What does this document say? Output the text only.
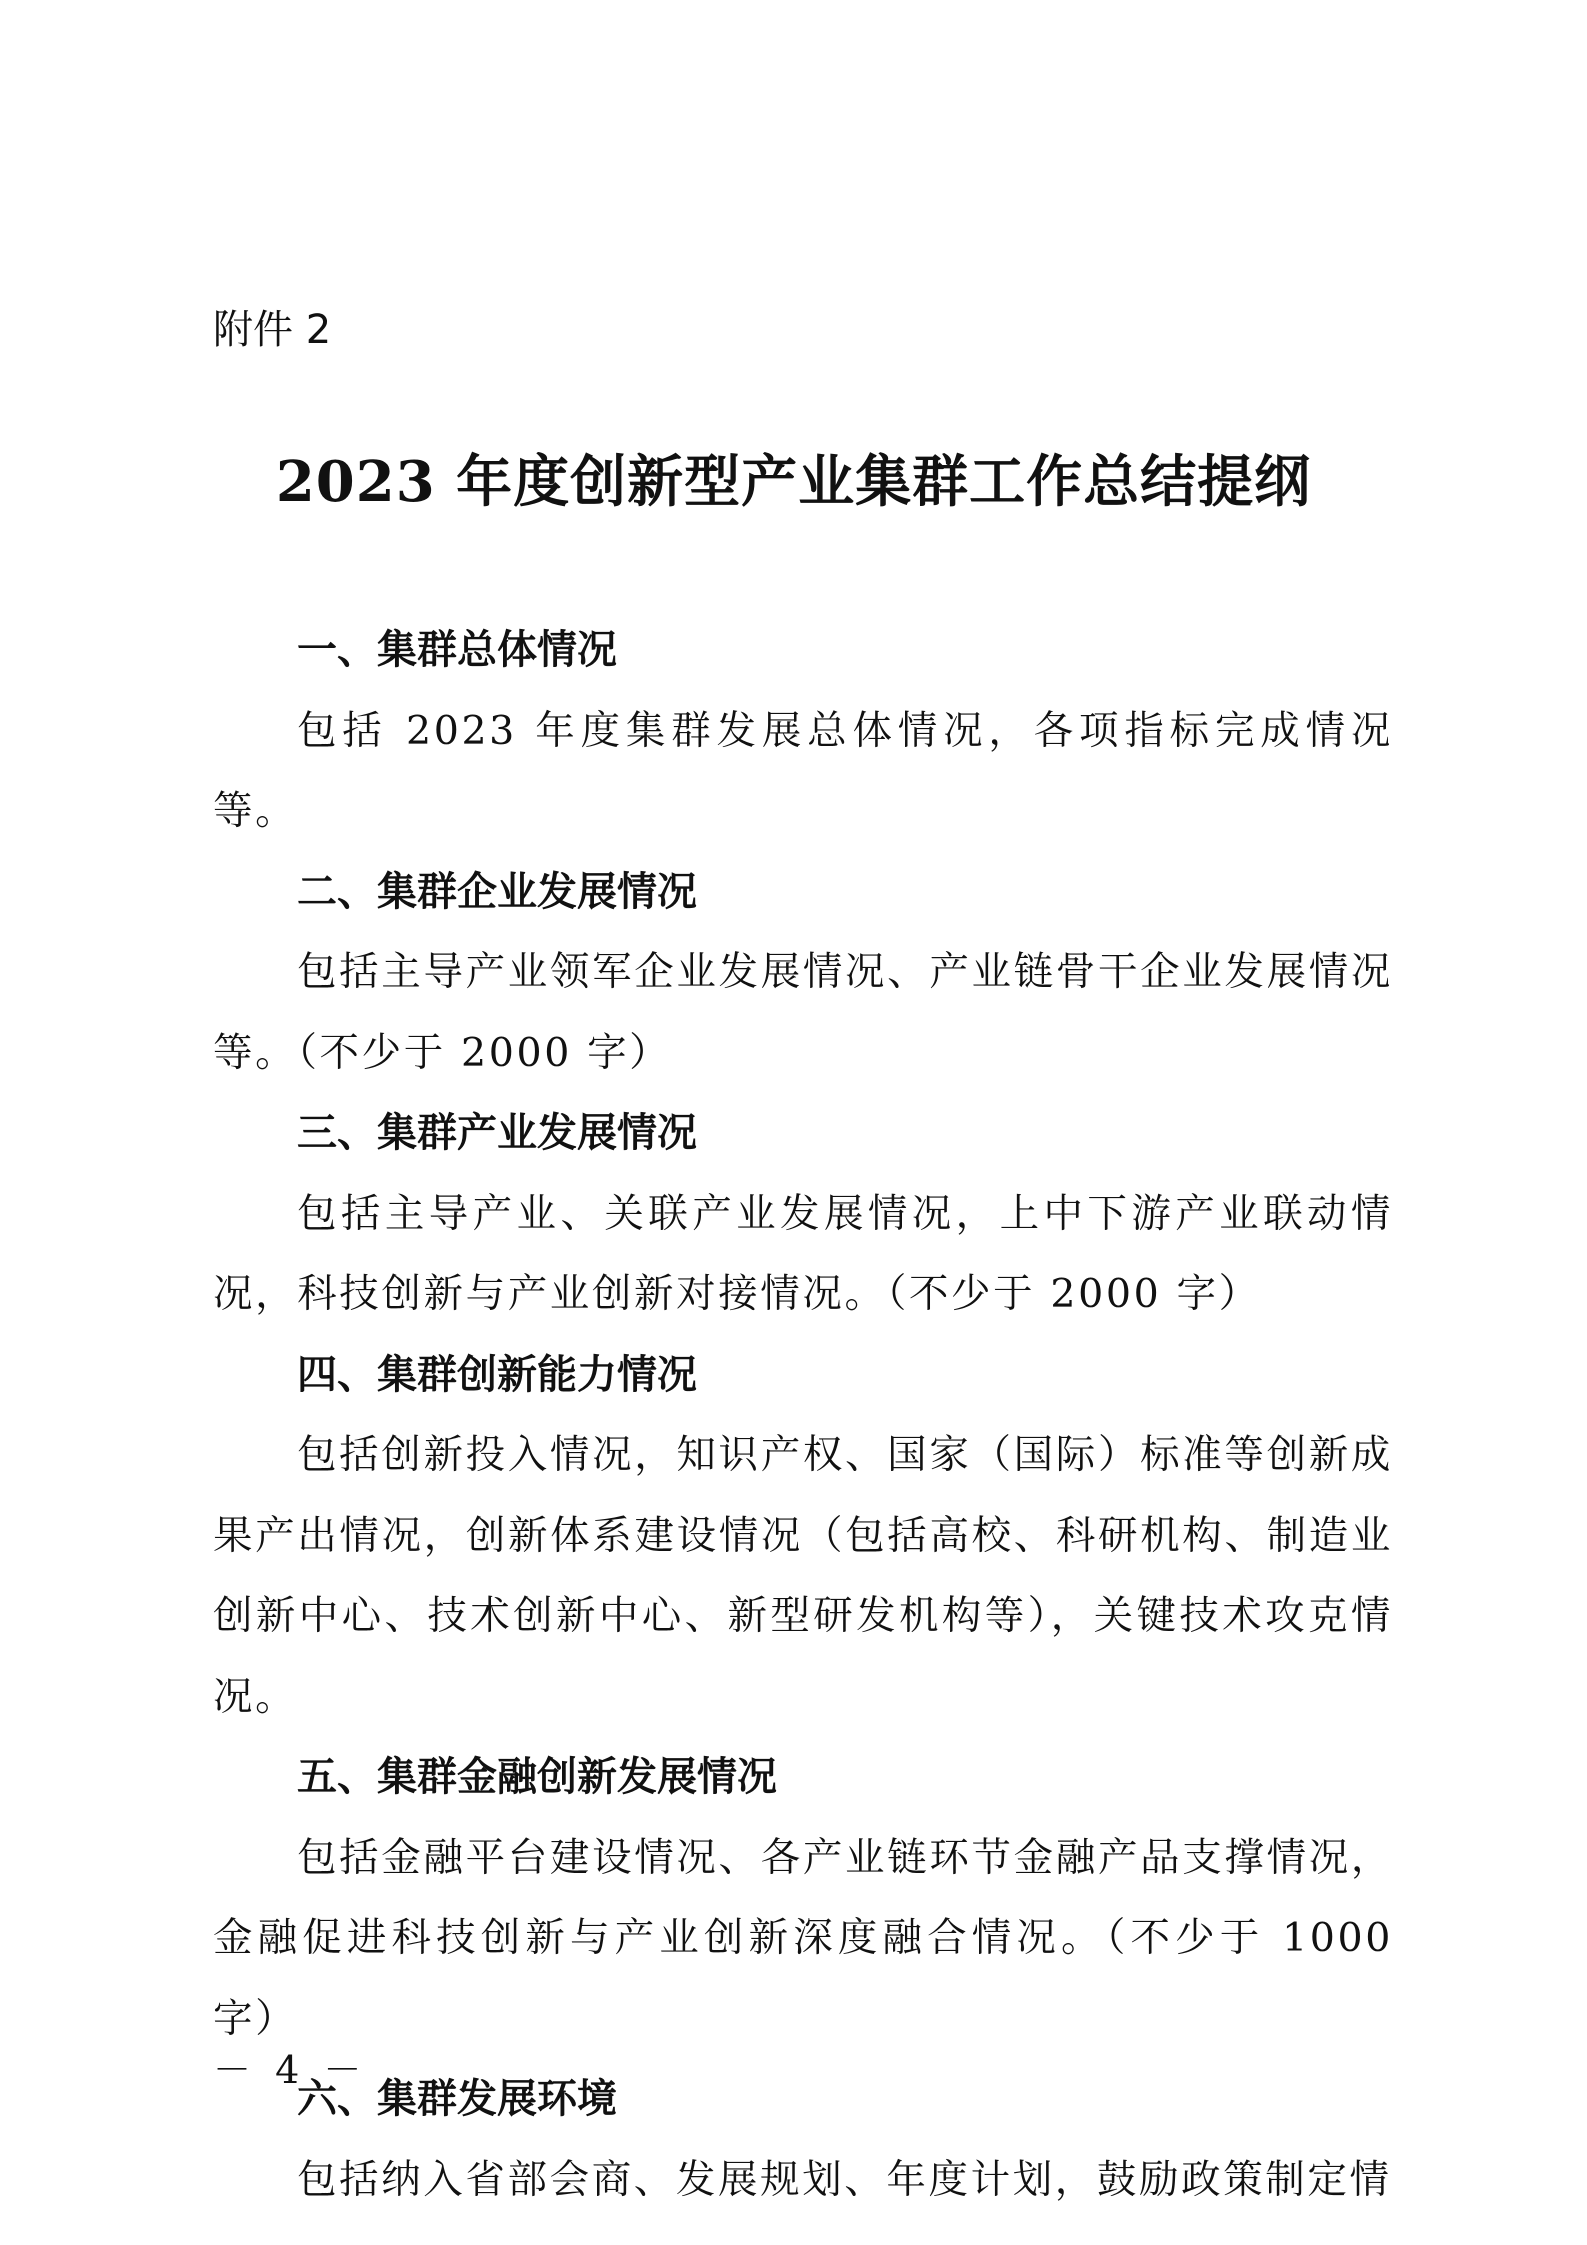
附件 2
2023 年度创新型产业集群工作总结提纲
一、集群总体情况

包括 2023 年度集群发展总体情况，各项指标完成情况等。

二、集群企业发展情况

包括主导产业领军企业发展情况、产业链骨干企业发展情况等。（不少于 2000 字）

三、集群产业发展情况

包括主导产业、关联产业发展情况，上中下游产业联动情况，科技创新与产业创新对接情况。（不少于 2000 字）

四、集群创新能力情况

包括创新投入情况，知识产权、国家（国际）标准等创新成果产出情况，创新体系建设情况（包括高校、科研机构、制造业创新中心、技术创新中心、新型研发机构等），关键技术攻克情况。

五、集群金融创新发展情况

包括金融平台建设情况、各产业链环节金融产品支撑情况，金融促进科技创新与产业创新深度融合情况。（不少于 1000 字）

六、集群发展环境

包括纳入省部会商、发展规划、年度计划，鼓励政策制定情

－ 4 －
